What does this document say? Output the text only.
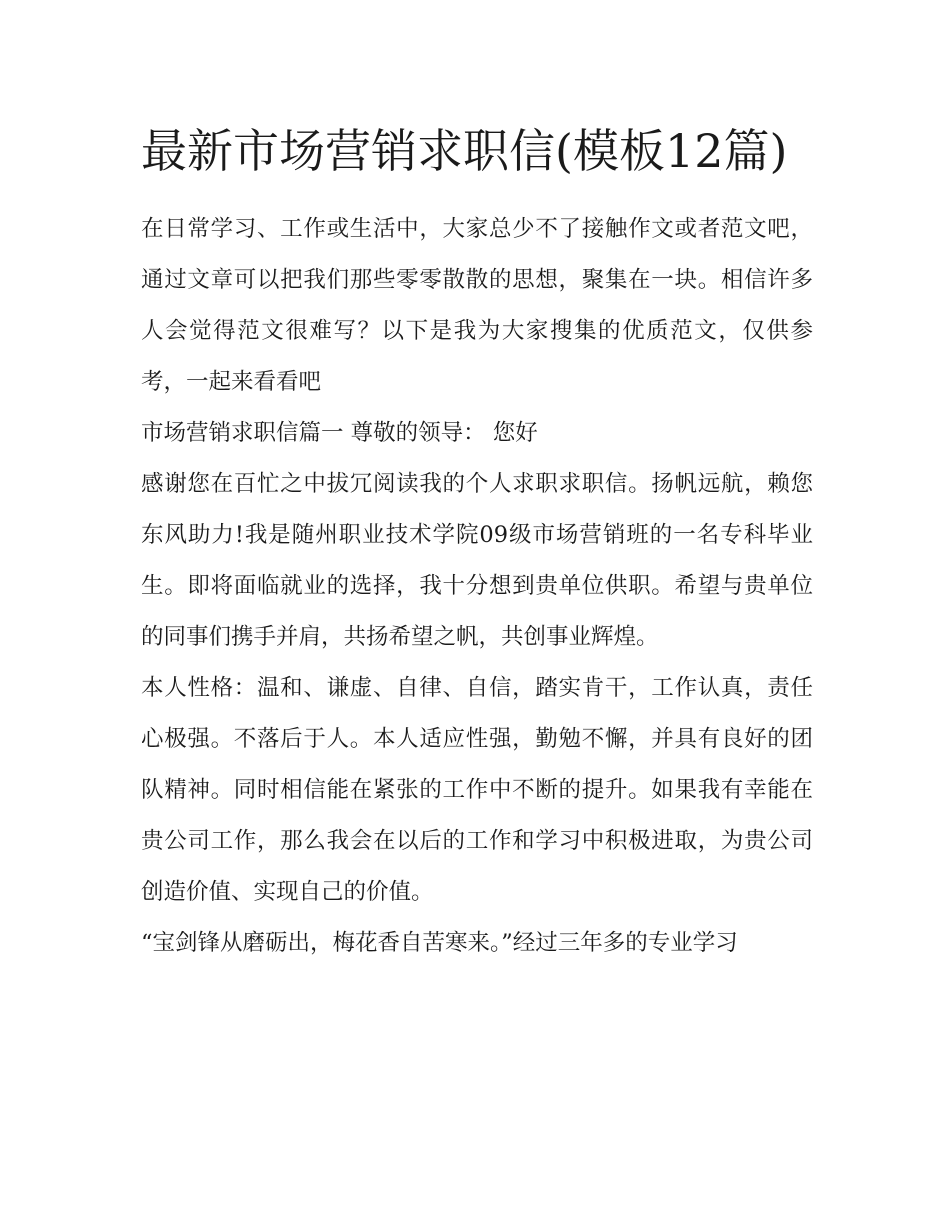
最新市场营销求职信(模板12篇)

在日常学习、工作或生活中，大家总少不了接触作文或者范文吧，通过文章可以把我们那些零零散散的思想，聚集在一块。相信许多人会觉得范文很难写？以下是我为大家搜集的优质范文，仅供参考，一起来看看吧

市场营销求职信篇一 尊敬的领导： 您好

感谢您在百忙之中拔冗阅读我的个人求职求职信。扬帆远航，赖您东风助力!我是随州职业技术学院09级市场营销班的一名专科毕业生。即将面临就业的选择，我十分想到贵单位供职。希望与贵单位的同事们携手并肩，共扬希望之帆，共创事业辉煌。

本人性格：温和、谦虚、自律、自信，踏实肯干，工作认真，责任心极强。不落后于人。本人适应性强，勤勉不懈，并具有良好的团队精神。同时相信能在紧张的工作中不断的提升。如果我有幸能在贵公司工作，那么我会在以后的工作和学习中积极进取，为贵公司创造价值、实现自己的价值。

“宝剑锋从磨砺出，梅花香自苦寒来。”经过三年多的专业学习
